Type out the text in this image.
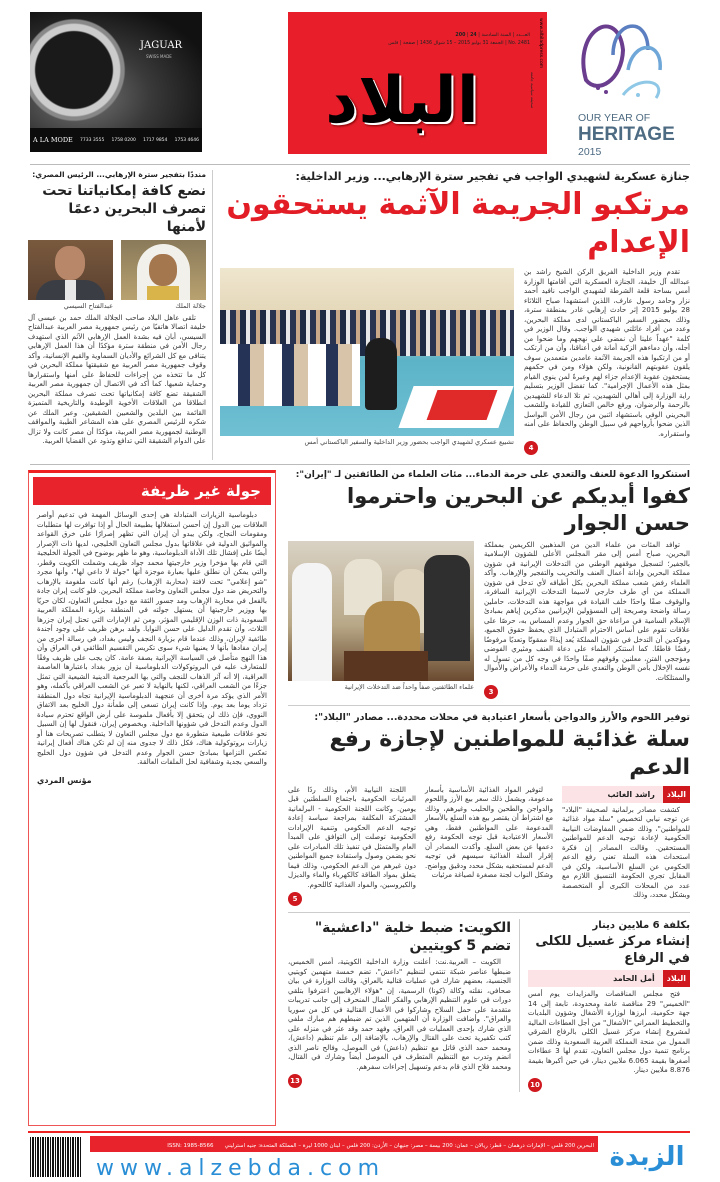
JAGUAR
SWISS MADE
A LA MODE 7733 3555 1758 0200 1717 9854 1753 4646
العـــدد | السنة السادسة | 24 | 200
No. 2481 | الجمعة 31 يوليو 2015 – 15 شوال 1436 | صفحة | فلس
البلاد	صحيفة سياسية جامعة
www.albiladpress.com
OUR YEAR OF
HERITAGE
2015
منددًا بتفجير سترة الإرهابي... الرئيس المصري:
نضع كافة إمكانياتنا تحت
تصرف البحرين دعمًا لأمنها
جلالة الملك
عبدالفتاح السيسي

تلقى عاهل البلاد صاحب الجلالة الملك حمد بن عيسى آل خليفة اتصالا هاتفيًا من رئيس جمهورية مصر العربية عبدالفتاح السيسي، أبان فيه بشدة العمل الإرهابي الآثم الذي استهدف رجال الأمن في منطقة سترة مؤكدًا أن هذا العمل الإرهابي يتنافى مع كل الشرائع والأديان السماوية والقيم الإنسانية، وأكد وقوف جمهورية مصر العربية مع شقيقتها مملكة البحرين في كل ما تتخذه من إجراءات للحفاظ على أمنها واستقرارها وحماية شعبها. كما أكد في الاتصال أن جمهورية مصر العربية الشقيقة تضع كافة إمكانياتها تحت تصرف مملكة البحرين انطلاقا من العلاقات الأخوية الوطيدة والتاريخية المتميزة القائمة بين البلدين والشعبين الشقيقين. وعبر الملك عن شكره للرئيس المصري على هذه المشاعر الطيبة والمواقف الوطنية لجمهورية مصر العربية، مؤكدًا أن مصر كانت ولا تزال على الدوام الشقيقة التي تدافع وتذود عن القضايا العربية.

جنازة عسكرية لشهيدي الواجب في تفجير سترة الإرهابي... وزير الداخلية:
مرتكبو الجريمة الآثمة يستحقون الإعدام

تقدم وزير الداخلية الفريق الركن الشيخ راشد بن عبدالله آل خليفة، الجنازة العسكرية التي أقامتها الوزارة أمس بساحة قلعة الشرطة لشهيدي الواجب نافيد أحمد نزار وحامد رسول عارف، اللذين استشهدا صباح الثلاثاء 28 يوليو 2015 إثر حادث إرهابي غادر بمنطقة سترة، وذلك بحضور السفير الباكستاني لدى مملكة البحرين، وعدد من أفراد عائلتي شهيدي الواجب. وقال الوزير في كلمة "عهداً علينا أن نمضي على نهجهم وما ضحوا من أجله، وأن دماءهم الزكية أمانة في أعناقنا، وأن من ارتكب أو من ارتكبوا هذه الجريمة الآثمة عامدين متعمدين سوف يلقون عقوبتهم القانونية، ولكن هؤلاء ومن في حكمهم يستحقون عقوبة الإعدام جزاء لهم وعبرةً لمن ينوي القيام بمثل هذه الأعمال الإجرامية". كما تفضل الوزير بتسليم راية الوزارة إلى أهالي الشهيدين، ثم تلا الدعاء للشهيدين بالرحمة والرضوان، ورفع خالص التعازي للقيادة وللشعب البحريني الوفي باستشهاد اثنين من رجال الأمن البواسل الذين ضحوا بأرواحهم في سبيل الوطن والحفاظ على أمنه واستقراره.

4
تشييع عسكري لشهيدي الواجب بحضور وزير الداخلية والسفير الباكستاني أمس
جولة غير ظريفة

دبلوماسية الزيارات المتبادلة هي إحدى الوسائل المهمة في تدعيم أواصر العلاقات بين الدول إن أحسن استغلالها بطبيعة الحال أو إذا توافرت لها متطلبات ومقومات النجاح، ولكن يبدو أن إيران التي تظهر إصرارًا على خرق القواعد والمواثيق الدولية في علاقاتها بدول مجلس التعاون الخليجي، لديها ذات الإصرار أيضًا على إفشال تلك الأداة الدبلوماسية، وهو ما ظهر بوضوح في الجولة الخليجية التي قام بها مؤخرا وزير خارجيتها محمد جواد ظريف وشملت الكويت وقطر، والتي يمكن أن نطلق عليها بعبارة موجزة أنها "جولة لا داعي لها"، وأنها مجرد "شو إعلامي" تحت لافتة (محاربة الإرهاب) رغم أنها كانت ملغومة بالإرهاب والتحريض ضد دول مجلس التعاون وخاصة مملكة البحرين. فلو كانت إيران جادة بالفعل في محاربة الإرهاب ومد جسور الثقة مع دول مجلس التعاون، لكان حريًا بها ووزير خارجيتها أن يستهل جولته في المنطقة بزيارة المملكة العربية السعودية ذات الوزن الإقليمي المؤثر، ومن ثم الإمارات التي تحتل إيران جزرها الثلاث، وأن تقدم الدليل على حسن النوايا. ولقد برهن ظريف على وجود أجندة طائفية لإيران، وذلك عندما قام بزيارة النجف وليس بغداد، في رسالة أخرى من إيران مفادها بأنها لا يعنيها شيء سوى تكريس التقسيم الطائفي في العراق وأن هذا النهج متأصل في السياسة الإيرانية بصفة عامة. كان يجب على ظريف وفقًا للمتعارف عليه في البروتوكولات الدبلوماسية أن يزور بغداد باعتبارها العاصمة العراقية، إلا أنه آثر الذهاب للنجف والتي بها المرجعية الدينية الشيعية التي تمثل جزءًا من الشعب العراقي، لكنها بالنهاية لا تعبر عن الشعب العراقي بأكمله، وهو الأمر الذي يؤكد مرة أخرى أن عنجهية الدبلوماسية الإيرانية تجاه دول المنطقة تزداد يوما بعد يوم. وإذا كانت إيران تسعى إلى طمأنة دول الخليج بعد الاتفاق النووي، فإن ذلك لن يتحقق إلا بأفعال ملموسة على أرض الواقع تحترم سيادة الدول وعدم التدخل في شؤونها الداخلية. وبخصوص إيران، فنقول لها إن السبيل نحو علاقات طبيعية متطورة مع دول مجلس التعاون لا يتطلب تصريحات هنا أو زيارات بروتوكولية هناك، فكل ذلك لا جدوى منه إن لم تكن هناك أفعال إيرانية تعكس التزامها بمبادئ حسن الجوار وعدم التدخل في شؤون دول الخليج والسعي بجدية وشفافية لحل الملفات العالقة.

مؤنس المردي
استنكروا الدعوة للعنف والتعدي على حرمة الدماء... مئات العلماء من الطائفتين لـ "إيران":
كفوا أيديكم عن البحرين واحترموا حسن الجوار

توافد المئات من علماء الدين من المذهبين الكريمين بمملكة البحرين، صباح أمس إلى مقر المجلس الأعلى للشؤون الإسلامية بالجفير؛ لتسجيل موقفهم الوطني من التدخلات الإيرانية في شؤون مملكة البحرين وإدانة أعمال العنف والتخريب والتفجير والإرهاب. وأكد العلماء رفض شعب مملكة البحرين بكل أطيافه لأي تدخل في شؤون المملكة من أي طرف خارجي لاسيما التدخلات الإيرانية السافرة، والوقوف صفًا واحدًا خلف القيادة في مواجهة هذه التدخلات، حاملين رسالة واضحة وصريحة إلى المسؤولين الإيرانيين مذكرين إياهم بمبادئ الإسلام السامية في مراعاة حق الجوار وعدم المساس به، حرصًا على علاقات تقوم على أساس الاحترام المتبادل الذي يحفظ حقوق الجميع، ومؤكدين أن التدخل في شؤون المملكة يُعد إيذاءً ممقوتًا وتعديًا مرفوضًا رفضًا قاطعًا. كما استنكر العلماء على دعاة العنف ومثيري الفوضى ومؤججي الفتن، معلنين وقوفهم صفًا واحدًا في وجه كل من تسول له نفسه الإخلال بأمن الوطن والتعدي على حرمة الدماء والأعراض والأموال والممتلكات.

3
علماء الطائفتين صفاً واحداً ضد التدخلات الإيرانية
توفير اللحوم والأرز والدواجن بأسعار اعتيادية في محلات محددة... مصادر "البلاد":
سلة غذائية للمواطنين لإجازة رفع الدعم
البلاد
راشد الغائب

كشفت مصادر برلمانية لصحيفة "البلاد" عن توجه نيابي لتخصيص "سلة مواد غذائية للمواطنين"، وذلك ضمن المفاوضات النيابية الحكومية لإعادة توجيه الدعم للمواطنين المستحقين. وقالت المصادر إن فكرة استحداث هذه السلة تعني رفع الدعم الحكومي عن السلع الأساسية، ولكن في المقابل تجري الحكومة التنسيق اللازم مع عدد من المحلات الكبرى أو المتخصصة وبشكل محدد، وذلك

لتوفير المواد الغذائية الأساسية بأسعار مدعومة، ويشمل ذلك سعر بيع الأرز واللحوم والدواجن والطحين والحليب وغيرهم، وذلك مع اشتراط أن يقتصر بيع هذه السلع بالأسعار المدعومة على المواطنين فقط، وهي الأسعار الاعتيادية قبل توجه الحكومة رفع دعمها عن بعض السلع. وأكدت المصادر أن إقرار السلة الغذائية سيسهم في توجيه الدعم لمستحقيه بشكل محدد ودقيق وواضح. وشكل النواب لجنة مصغرة لصياغة مرئيات

اللجنة النيابية الأم، وذلك ردًا على المرئيات الحكومية باجتماع السلطتين قبل يومين. وكانت اللجنة الحكومية - البرلمانية المشتركة المكلفة بمراجعة سياسة إعادة توجيه الدعم الحكومي وتنمية الإيرادات الحكومية توصلت إلى التوافق على المبدأ العام والمتمثل في تنفيذ تلك المبادرات على نحو يضمن وصول واستفادة جميع المواطنين دون غيرهم من الدعم الحكومي، وذلك فيما يتعلق بمواد الطاقة كالكهرباء والماء والديزل والكيروسين، والمواد الغذائية كاللحوم.

5
بكلفة 6 ملايين دينار
إنشاء مركز غسيل للكلى في الرفاع
البلاد
أمل الحامد

فتح مجلس المناقصات والمزايدات يوم أمس "الخميس" 29 مناقصة عامة ومحدودة، تابعة إلى 14 جهة حكومية، أبرزها لوزارة الأشغال وشؤون البلديات والتخطيط العمراني "الأشغال" من أجل العطاءات المالية لمشروع إنشاء مركز غسيل الكلى بالرفاع الشرقي الممول من منحة المملكة العربية السعودية وذلك ضمن برنامج تنمية دول مجلس التعاون، تقدم لها 3 عطاءات أصغرها بقيمة 6.065 ملايين دينار، في حين أكبرها بقيمة 8.876 ملايين دينار.

10
الكويت: ضبط خلية "داعشية" تضم 5 كويتيين

الكويت – العربية.نت: أعلنت وزارة الداخلية الكويتية، أمس الخميس، ضبطها عناصر شبكة تنتمي لتنظيم "داعش"، تضم خمسة متهمين كويتيي الجنسية، بعضهم شارك في عمليات قتالية بالعراق، وقالت الوزارة في بيان صحافي، نقلته وكالة (كونا) الرسمية، إن "هؤلاء الإرهابيين اعترفوا بتلقي دورات في علوم التنظيم الإرهابي والفكر الضال المنحرف إلى جانب تدريبات متقدمة على حمل السلاح وشاركوا في الأعمال القتالية في كل من سوريا والعراق". وأضافت الوزارة أن المتهمين الذين تم ضبطهم هم مبارك ملفي الذي شارك بإحدى العمليات في العراق، وفهد حمد وقد عثر في منزله على كتب تكفيرية تحث على القتال والإرهاب، بالإضافة إلى علم تنظيم (داعش)، ومحمد حمد الذي قاتل مع تنظيم (داعش) في الموصل، وفالح ناصر الذي انضم وتدرب مع التنظيم المتطرف في الموصل أيضاً وشارك في القتال، ومحمد فلاح الذي قام بدعم وتسهيل إجراءات سفرهم.

13
البحرين 200 فلس – الإمارات درهمان – قطر: ريالان – عمان: 200 بيسة – مصر: جنيهان – الأردن: 200 فلس – لبنان 1000 ليرة – المملكة المتحدة: جنيه استرليني ISSN: 1985-8566	الزبدة
www.alzebda.com
